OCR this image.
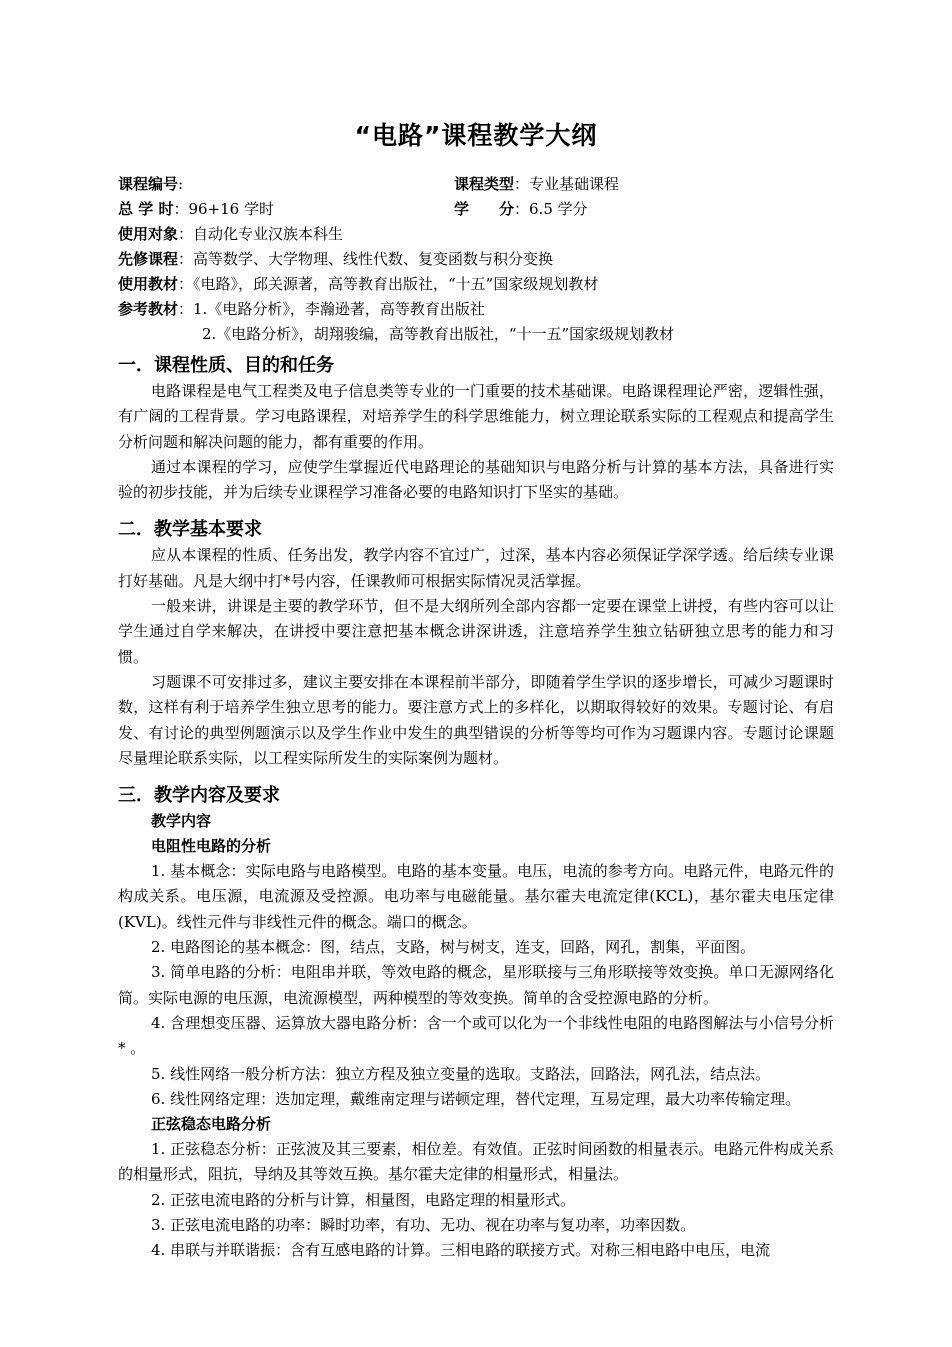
“电路”课程教学大纲
课程编号:	课程类型：专业基础课程
总 学 时：96+16 学时	学　　分：6.5 学分
使用对象：自动化专业汉族本科生
先修课程：高等数学、大学物理、线性代数、复变函数与积分变换
使用教材：《电路》，邱关源著，高等教育出版社，“十五”国家级规划教材
参考教材：1.《电路分析》，李瀚逊著，高等教育出版社
2.《电路分析》，胡翔骏编，高等教育出版社，“十一五”国家级规划教材
一．课程性质、目的和任务

电路课程是电气工程类及电子信息类等专业的一门重要的技术基础课。电路课程理论严密，逻辑性强，有广阔的工程背景。学习电路课程，对培养学生的科学思维能力，树立理论联系实际的工程观点和提高学生分析问题和解决问题的能力，都有重要的作用。

通过本课程的学习，应使学生掌握近代电路理论的基础知识与电路分析与计算的基本方法，具备进行实验的初步技能，并为后续专业课程学习准备必要的电路知识打下坚实的基础。

二．教学基本要求

应从本课程的性质、任务出发，教学内容不宜过广，过深，基本内容必须保证学深学透。给后续专业课打好基础。凡是大纲中打*号内容，任课教师可根据实际情况灵活掌握。

一般来讲，讲课是主要的教学环节，但不是大纲所列全部内容都一定要在课堂上讲授，有些内容可以让学生通过自学来解决，在讲授中要注意把基本概念讲深讲透，注意培养学生独立钻研独立思考的能力和习惯。

习题课不可安排过多，建议主要安排在本课程前半部分，即随着学生学识的逐步增长，可减少习题课时数，这样有利于培养学生独立思考的能力。要注意方式上的多样化，以期取得较好的效果。专题讨论、有启发、有讨论的典型例题演示以及学生作业中发生的典型错误的分析等等均可作为习题课内容。专题讨论课题尽量理论联系实际，以工程实际所发生的实际案例为题材。

三．教学内容及要求
教学内容
电阻性电路的分析

1. 基本概念：实际电路与电路模型。电路的基本变量。电压，电流的参考方向。电路元件，电路元件的构成关系。电压源，电流源及受控源。电功率与电磁能量。基尔霍夫电流定律(KCL)，基尔霍夫电压定律(KVL)。线性元件与非线性元件的概念。端口的概念。

2. 电路图论的基本概念：图，结点，支路，树与树支，连支，回路，网孔，割集，平面图。

3. 简单电路的分析：电阻串并联，等效电路的概念，星形联接与三角形联接等效变换。单口无源网络化简。实际电源的电压源，电流源模型，两种模型的等效变换。简单的含受控源电路的分析。

4. 含理想变压器、运算放大器电路分析：含一个或可以化为一个非线性电阻的电路图解法与小信号分析* 。

5. 线性网络一般分析方法：独立方程及独立变量的选取。支路法，回路法，网孔法，结点法。

6. 线性网络定理：迭加定理，戴维南定理与诺顿定理，替代定理，互易定理，最大功率传输定理。

正弦稳态电路分析

1. 正弦稳态分析：正弦波及其三要素，相位差。有效值。正弦时间函数的相量表示。电路元件构成关系的相量形式，阻抗，导纳及其等效互换。基尔霍夫定律的相量形式，相量法。

2. 正弦电流电路的分析与计算，相量图，电路定理的相量形式。

3. 正弦电流电路的功率：瞬时功率，有功、无功、视在功率与复功率，功率因数。

4. 串联与并联谐振：含有互感电路的计算。三相电路的联接方式。对称三相电路中电压，电流
